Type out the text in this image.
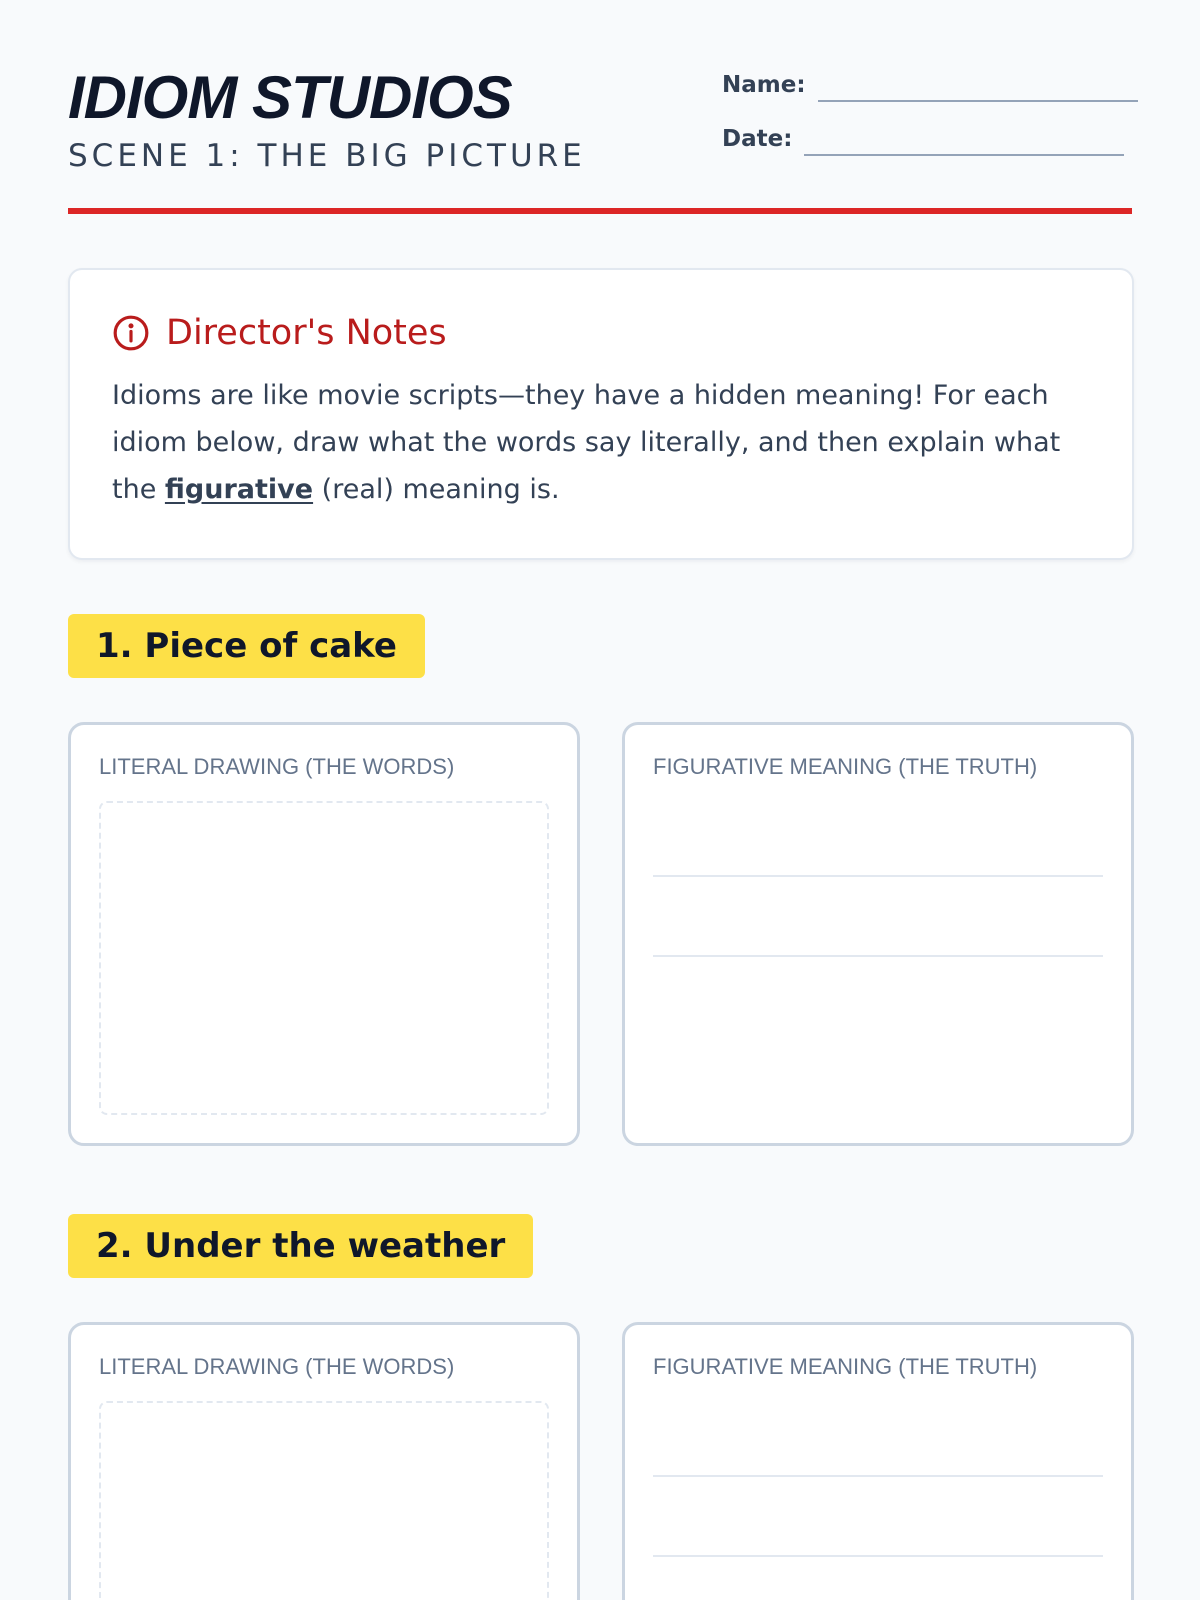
IDIOM STUDIOS
SCENE 1: THE BIG PICTURE
Name:
Date:
Director's Notes

Idioms are like movie scripts—they have a hidden meaning! For each idiom below, draw what the words say literally, and then explain what the figurative (real) meaning is.

1. Piece of cake
LITERAL DRAWING (THE WORDS)	FIGURATIVE MEANING (THE TRUTH)
2. Under the weather
LITERAL DRAWING (THE WORDS)	FIGURATIVE MEANING (THE TRUTH)
